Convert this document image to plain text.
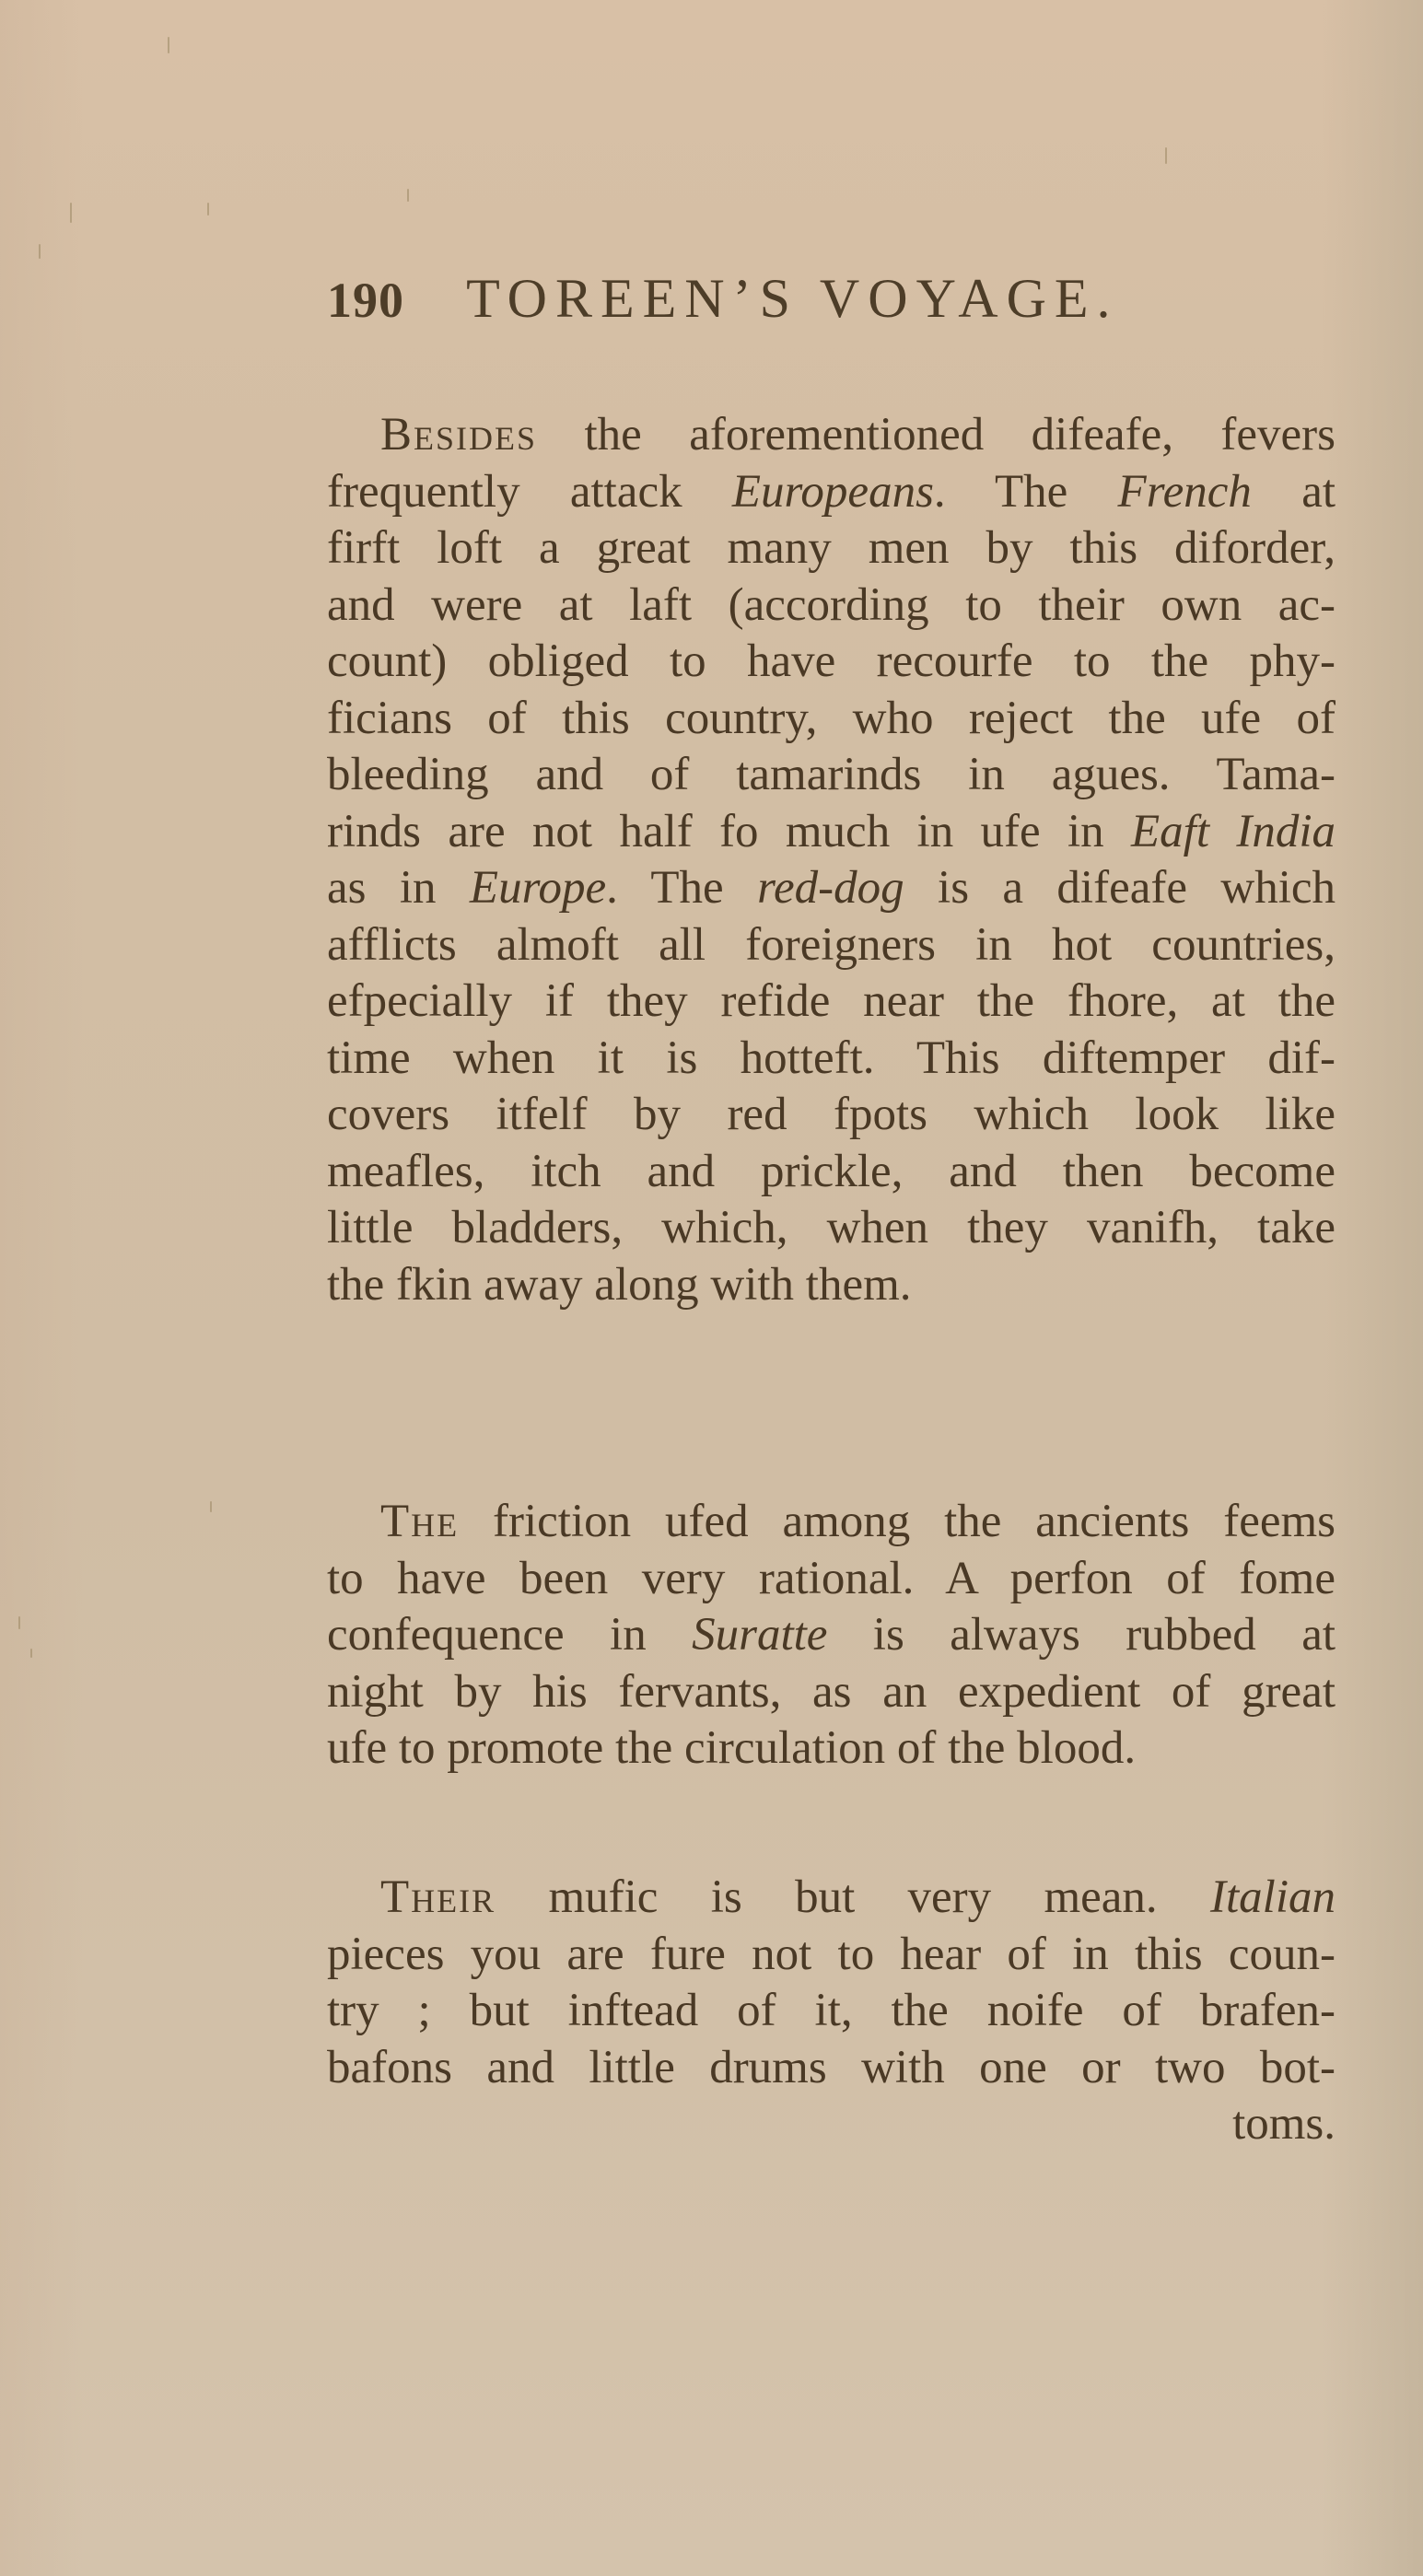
190 TOREEN’S VOYAGE.
Besides the aforementioned difeafe, fevers
frequently attack Europeans. The French at
firft loft a great many men by this diforder,
and were at laft (according to their own ac-
count) obliged to have recourfe to the phy-
ficians of this country, who reject the ufe of
bleeding and of tamarinds in agues. Tama-
rinds are not half fo much in ufe in Eaft India
as in Europe. The red-dog is a difeafe which
afflicts almoft all foreigners in hot countries,
efpecially if they refide near the fhore, at the
time when it is hotteft. This diftemper dif-
covers itfelf by red fpots which look like
meafles, itch and prickle, and then become
little bladders, which, when they vanifh, take
the fkin away along with them.
The friction ufed among the ancients feems
to have been very rational. A perfon of fome
confequence in Suratte is always rubbed at
night by his fervants, as an expedient of great
ufe to promote the circulation of the blood.
Their mufic is but very mean. Italian
pieces you are fure not to hear of in this coun-
try ; but inftead of it, the noife of brafen-
bafons and little drums with one or two bot-
toms.
